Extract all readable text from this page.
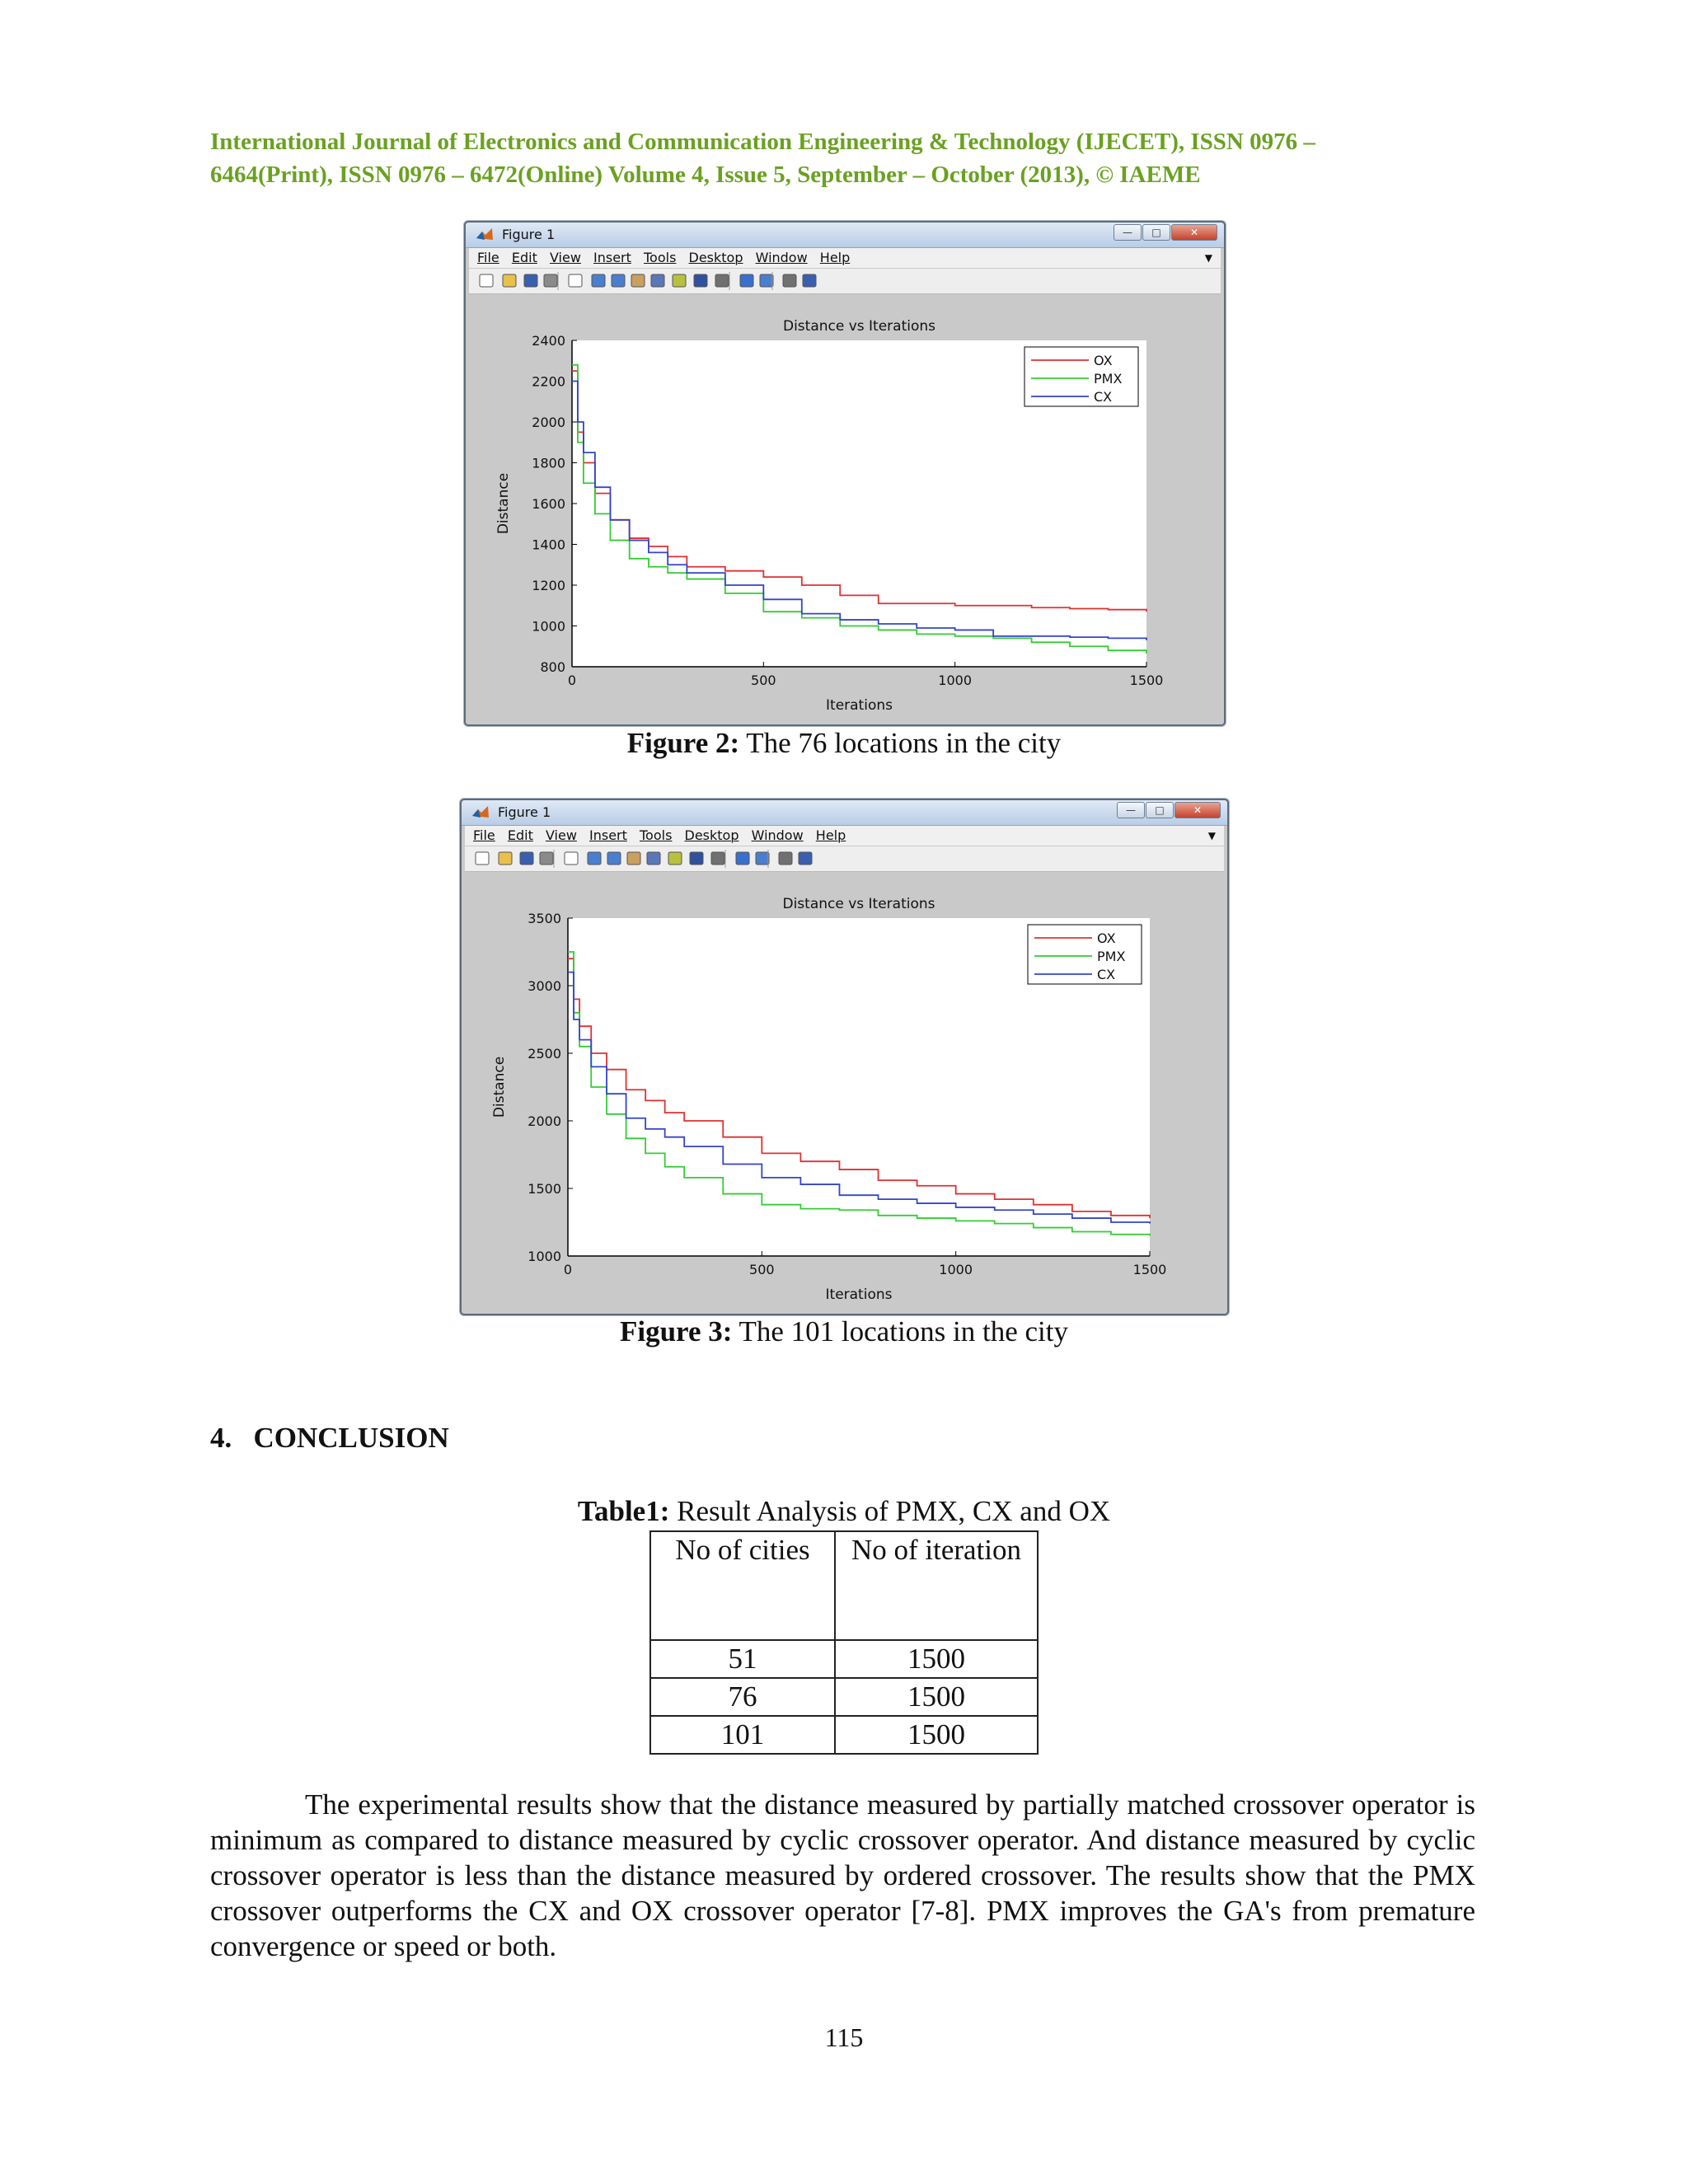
International Journal of Electronics and Communication Engineering & Technology (IJECET), ISSN 0976 –
6464(Print), ISSN 0976 – 6472(Online) Volume 4, Issue 5, September – October (2013), © IAEME
Figure 1	—	□	✕
File Edit View Insert Tools Desktop Window Help	▼
Distance vs Iterations
Iterations
Distance
0	500	1000	1500
800
1000
1200
1400
1600
1800
2000
2200
2400
OX
PMX
CX
Figure 2: The 76 locations in the city
Figure 1	—	□	✕
File Edit View Insert Tools Desktop Window Help	▼
Distance vs Iterations
Iterations
Distance
0	500	1000	1500
1000
1500
2000
2500
3000
3500
OX
PMX
CX
Figure 3: The 101 locations in the city
4. CONCLUSION
Table1: Result Analysis of PMX, CX and OX
No of cities	No of iteration
51	1500
76	1500
101	1500
The experimental results show that the distance measured by partially matched crossover operator is minimum as compared to distance measured by cyclic crossover operator. And distance measured by cyclic crossover operator is less than the distance measured by ordered crossover. The results show that the PMX crossover outperforms the CX and OX crossover operator [7-8]. PMX improves the GA's from premature convergence or speed or both.
115
